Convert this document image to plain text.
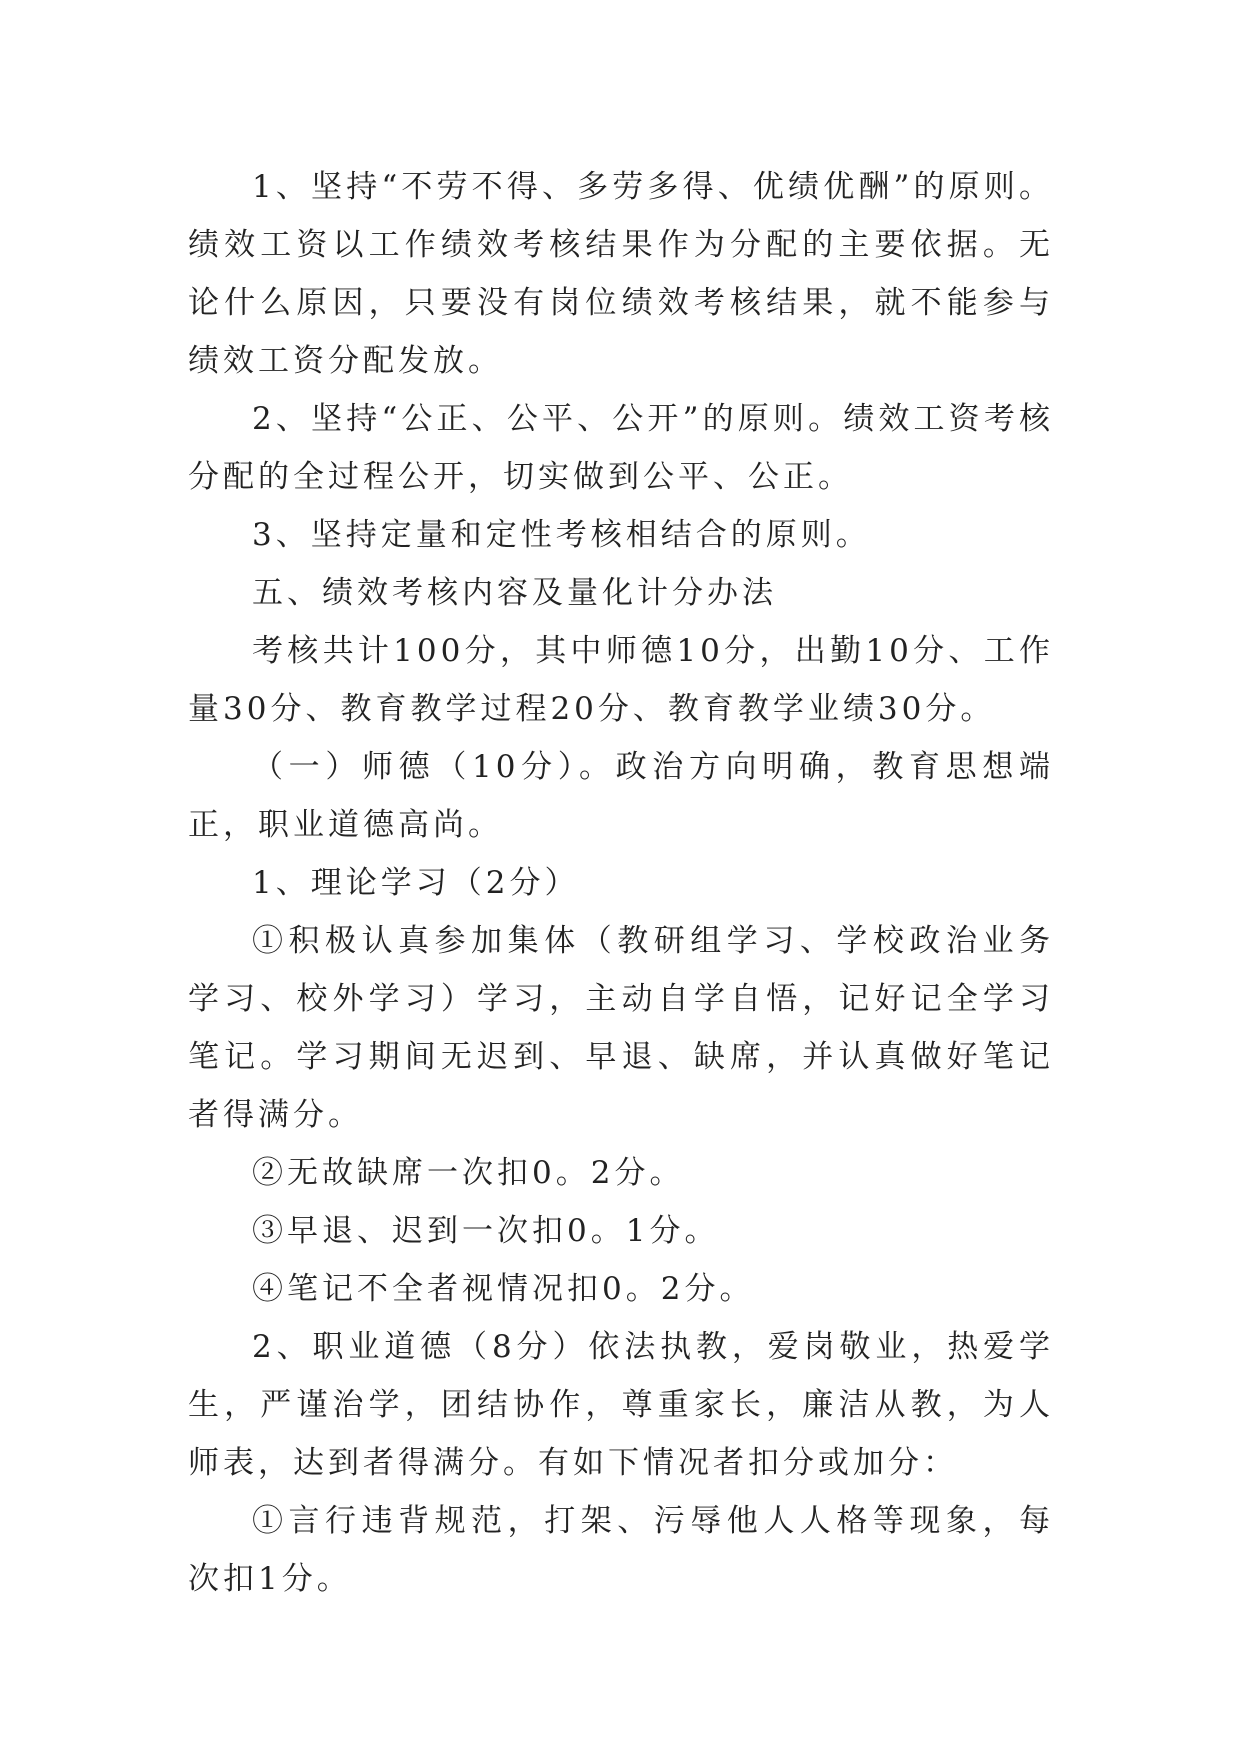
1、坚持“不劳不得、多劳多得、优绩优酬”的原则。绩效工资以工作绩效考核结果作为分配的主要依据。无论什么原因，只要没有岗位绩效考核结果，就不能参与绩效工资分配发放。

2、坚持“公正、公平、公开”的原则。绩效工资考核分配的全过程公开，切实做到公平、公正。

3、坚持定量和定性考核相结合的原则。

五、绩效考核内容及量化计分办法

考核共计100分，其中师德10分，出勤10分、工作量30分、教育教学过程20分、教育教学业绩30分。

（一）师德（10分）。政治方向明确，教育思想端正，职业道德高尚。

1、理论学习（2分）

①积极认真参加集体（教研组学习、学校政治业务学习、校外学习）学习，主动自学自悟，记好记全学习笔记。学习期间无迟到、早退、缺席，并认真做好笔记者得满分。

②无故缺席一次扣0。2分。

③早退、迟到一次扣0。1分。

④笔记不全者视情况扣0。2分。

2、职业道德（8分）依法执教，爱岗敬业，热爱学生，严谨治学，团结协作，尊重家长，廉洁从教，为人师表，达到者得满分。有如下情况者扣分或加分：

①言行违背规范，打架、污辱他人人格等现象，每次扣1分。
